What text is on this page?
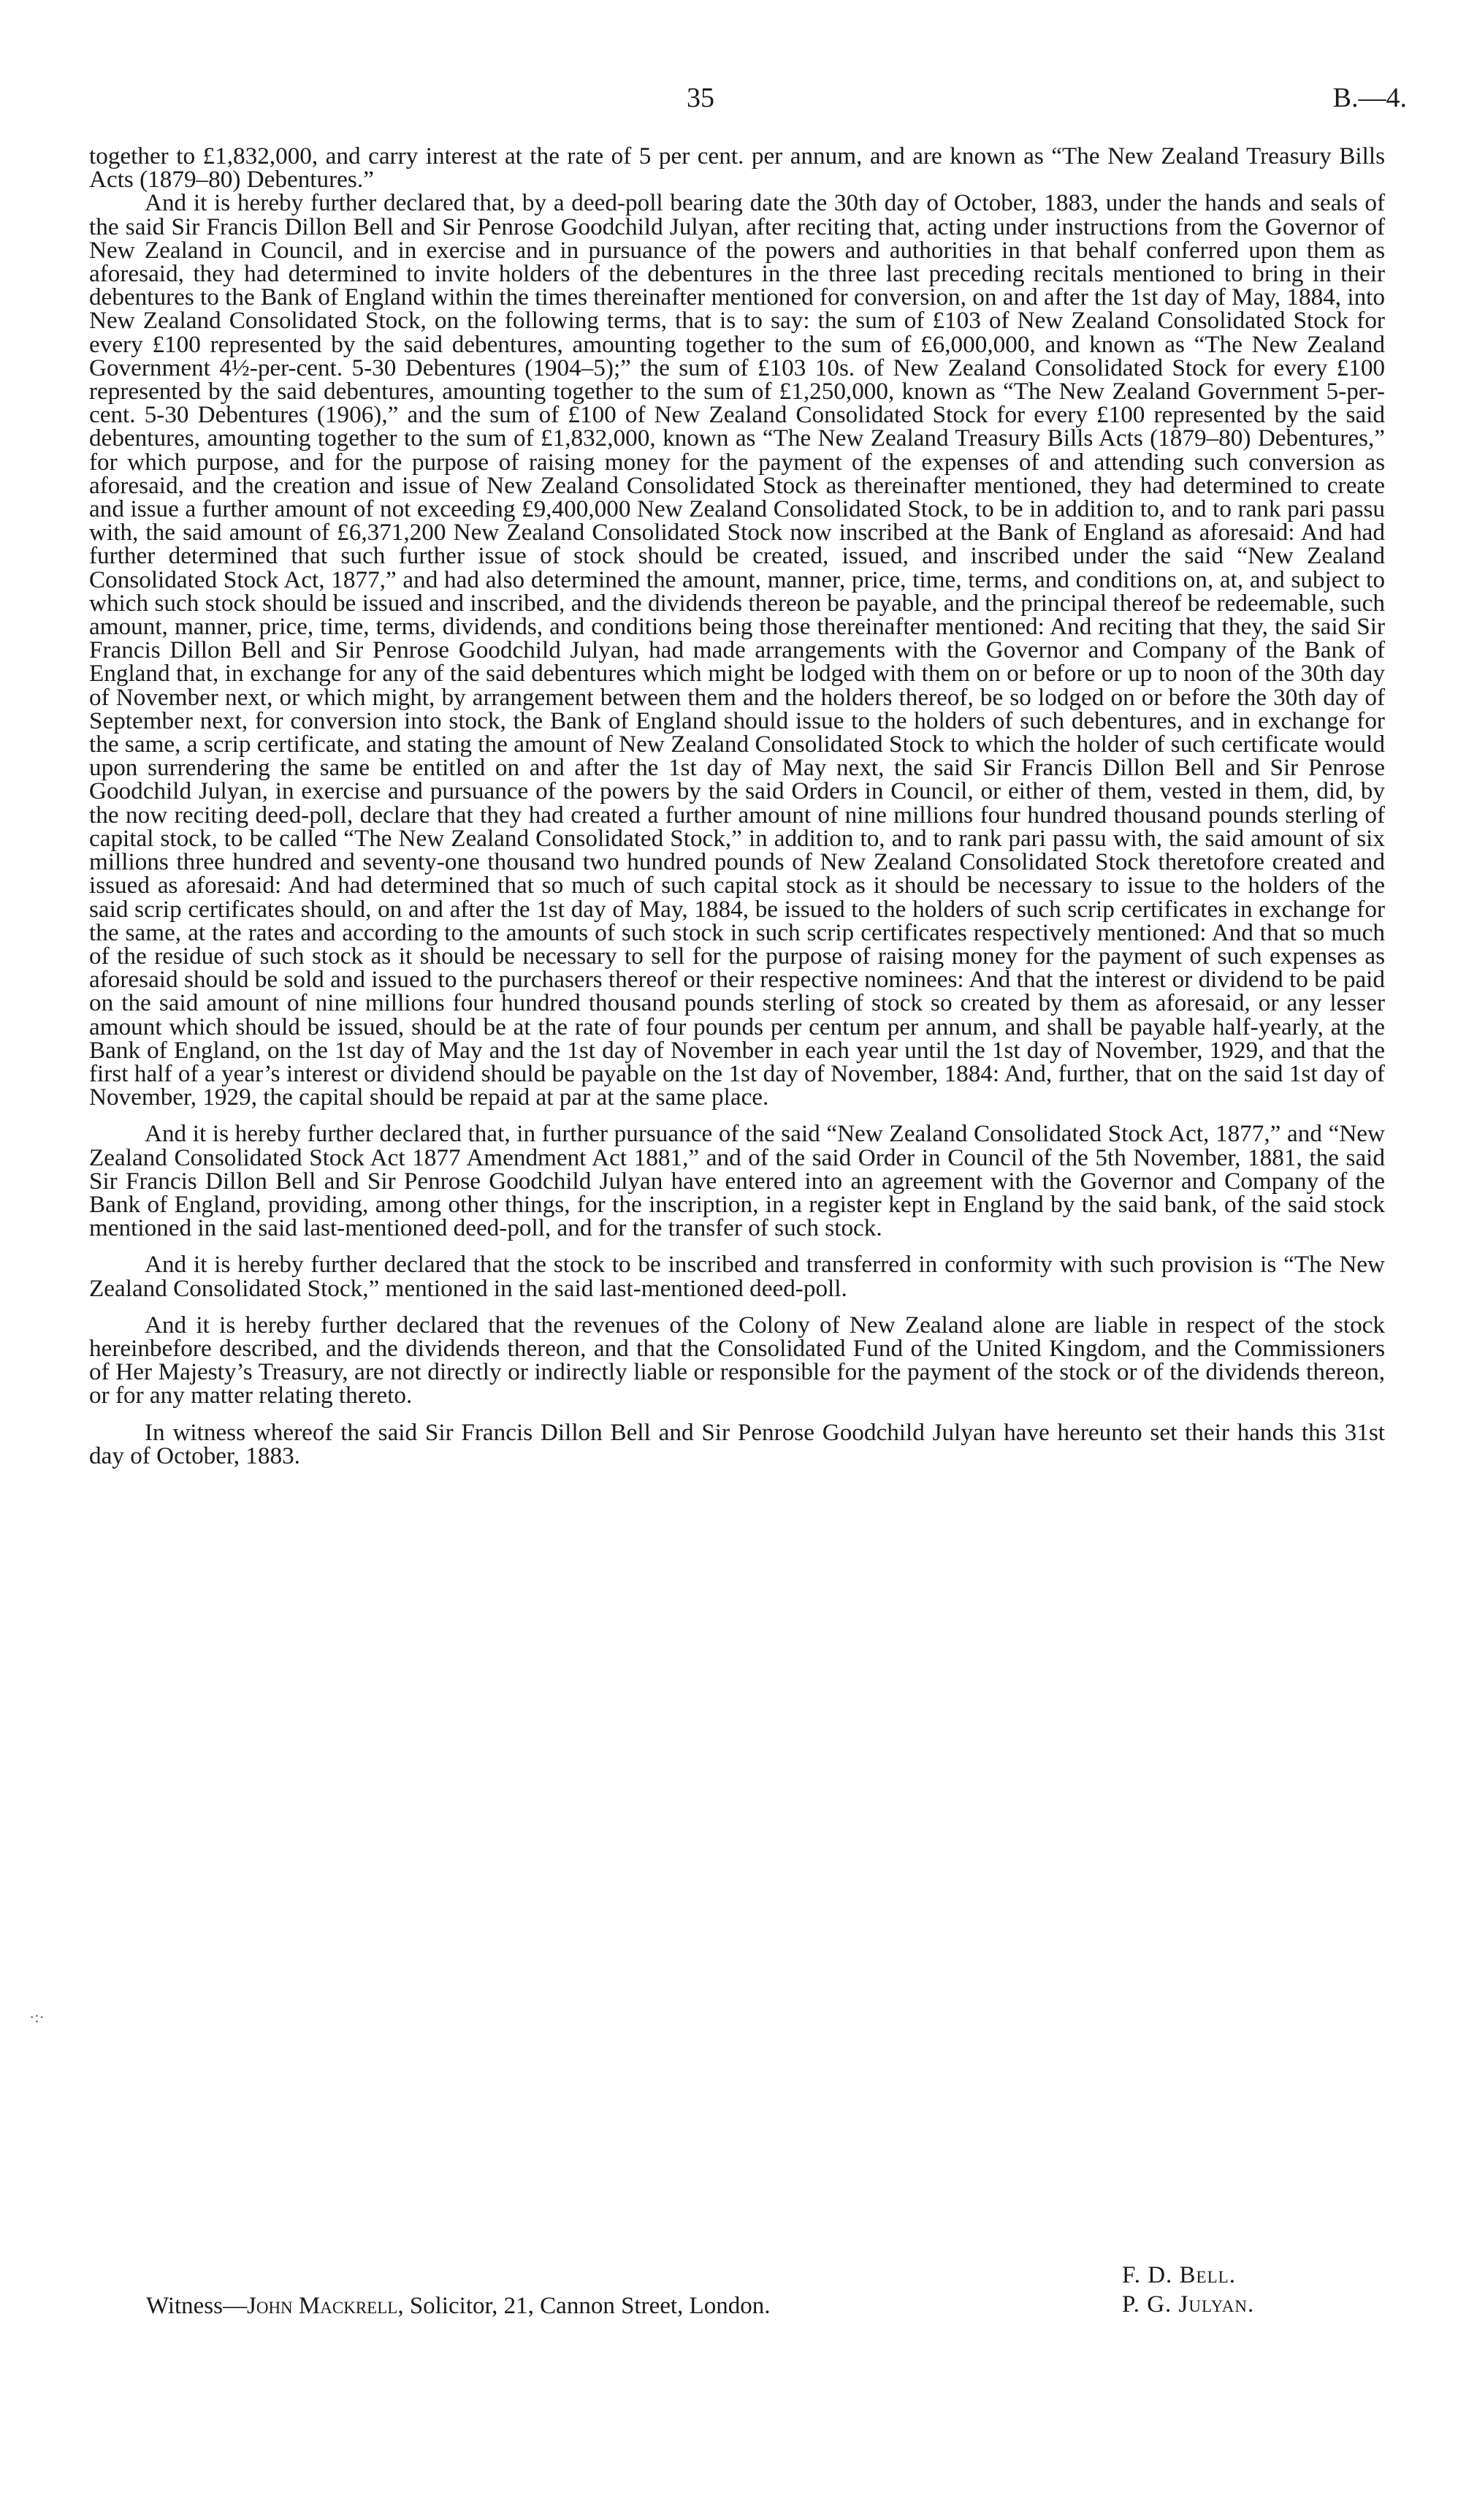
35	B.—4.
·:·

together to £1,832,000, and carry interest at the rate of 5 per cent. per annum, and are known as “The New Zealand Treasury Bills Acts (1879–80) Debentures.”

And it is hereby further declared that, by a deed-poll bearing date the 30th day of October, 1883, under the hands and seals of the said Sir Francis Dillon Bell and Sir Penrose Goodchild Julyan, after reciting that, acting under instructions from the Governor of New Zealand in Council, and in exercise and in pursuance of the powers and authorities in that behalf conferred upon them as aforesaid, they had determined to invite holders of the debentures in the three last preceding recitals mentioned to bring in their debentures to the Bank of England within the times thereinafter mentioned for conversion, on and after the 1st day of May, 1884, into New Zealand Consolidated Stock, on the following terms, that is to say: the sum of £103 of New Zealand Consolidated Stock for every £100 represented by the said debentures, amounting together to the sum of £6,000,000, and known as “The New Zealand Government 4½-per-cent. 5-30 Debentures (1904–5);” the sum of £103 10s. of New Zealand Consolidated Stock for every £100 represented by the said debentures, amounting together to the sum of £1,250,000, known as “The New Zealand Government 5-per-cent. 5-30 Debentures (1906),” and the sum of £100 of New Zealand Consolidated Stock for every £100 represented by the said debentures, amounting together to the sum of £1,832,000, known as “The New Zealand Treasury Bills Acts (1879–80) Debentures,” for which purpose, and for the purpose of raising money for the payment of the expenses of and attending such conversion as aforesaid, and the creation and issue of New Zealand Consolidated Stock as thereinafter mentioned, they had determined to create and issue a further amount of not exceeding £9,400,000 New Zealand Consolidated Stock, to be in addition to, and to rank pari passu with, the said amount of £6,371,200 New Zealand Consolidated Stock now inscribed at the Bank of England as aforesaid: And had further determined that such further issue of stock should be created, issued, and inscribed under the said “New Zealand Consolidated Stock Act, 1877,” and had also determined the amount, manner, price, time, terms, and conditions on, at, and subject to which such stock should be issued and inscribed, and the dividends thereon be payable, and the principal thereof be redeemable, such amount, manner, price, time, terms, dividends, and conditions being those thereinafter mentioned: And reciting that they, the said Sir Francis Dillon Bell and Sir Penrose Goodchild Julyan, had made arrangements with the Governor and Company of the Bank of England that, in exchange for any of the said debentures which might be lodged with them on or before or up to noon of the 30th day of November next, or which might, by arrangement between them and the holders thereof, be so lodged on or before the 30th day of September next, for conversion into stock, the Bank of England should issue to the holders of such debentures, and in exchange for the same, a scrip certificate, and stating the amount of New Zealand Consolidated Stock to which the holder of such certificate would upon surrendering the same be entitled on and after the 1st day of May next, the said Sir Francis Dillon Bell and Sir Penrose Goodchild Julyan, in exercise and pursuance of the powers by the said Orders in Council, or either of them, vested in them, did, by the now reciting deed-poll, declare that they had created a further amount of nine millions four hundred thousand pounds sterling of capital stock, to be called “The New Zealand Consolidated Stock,” in addition to, and to rank pari passu with, the said amount of six millions three hundred and seventy-one thousand two hundred pounds of New Zealand Consolidated Stock theretofore created and issued as aforesaid: And had determined that so much of such capital stock as it should be necessary to issue to the holders of the said scrip certificates should, on and after the 1st day of May, 1884, be issued to the holders of such scrip certificates in exchange for the same, at the rates and according to the amounts of such stock in such scrip certificates respectively mentioned: And that so much of the residue of such stock as it should be necessary to sell for the purpose of raising money for the payment of such expenses as aforesaid should be sold and issued to the purchasers thereof or their respective nominees: And that the interest or dividend to be paid on the said amount of nine millions four hundred thousand pounds sterling of stock so created by them as aforesaid, or any lesser amount which should be issued, should be at the rate of four pounds per centum per annum, and shall be payable half-yearly, at the Bank of England, on the 1st day of May and the 1st day of November in each year until the 1st day of November, 1929, and that the first half of a year’s interest or dividend should be payable on the 1st day of November, 1884: And, further, that on the said 1st day of November, 1929, the capital should be repaid at par at the same place.

And it is hereby further declared that, in further pursuance of the said “New Zealand Consolidated Stock Act, 1877,” and “New Zealand Consolidated Stock Act 1877 Amendment Act 1881,” and of the said Order in Council of the 5th November, 1881, the said Sir Francis Dillon Bell and Sir Penrose Goodchild Julyan have entered into an agreement with the Governor and Company of the Bank of England, providing, among other things, for the inscription, in a register kept in England by the said bank, of the said stock mentioned in the said last-mentioned deed-poll, and for the transfer of such stock.

And it is hereby further declared that the stock to be inscribed and transferred in conformity with such provision is “The New Zealand Consolidated Stock,” mentioned in the said last-mentioned deed-poll.

And it is hereby further declared that the revenues of the Colony of New Zealand alone are liable in respect of the stock hereinbefore described, and the dividends thereon, and that the Consolidated Fund of the United Kingdom, and the Commissioners of Her Majesty’s Treasury, are not directly or indirectly liable or responsible for the payment of the stock or of the dividends thereon, or for any matter relating thereto.

In witness whereof the said Sir Francis Dillon Bell and Sir Penrose Goodchild Julyan have hereunto set their hands this 31st day of October, 1883.

F. D. Bell.
P. G. Julyan.
Witness—John Mackrell, Solicitor, 21, Cannon Street, London.
